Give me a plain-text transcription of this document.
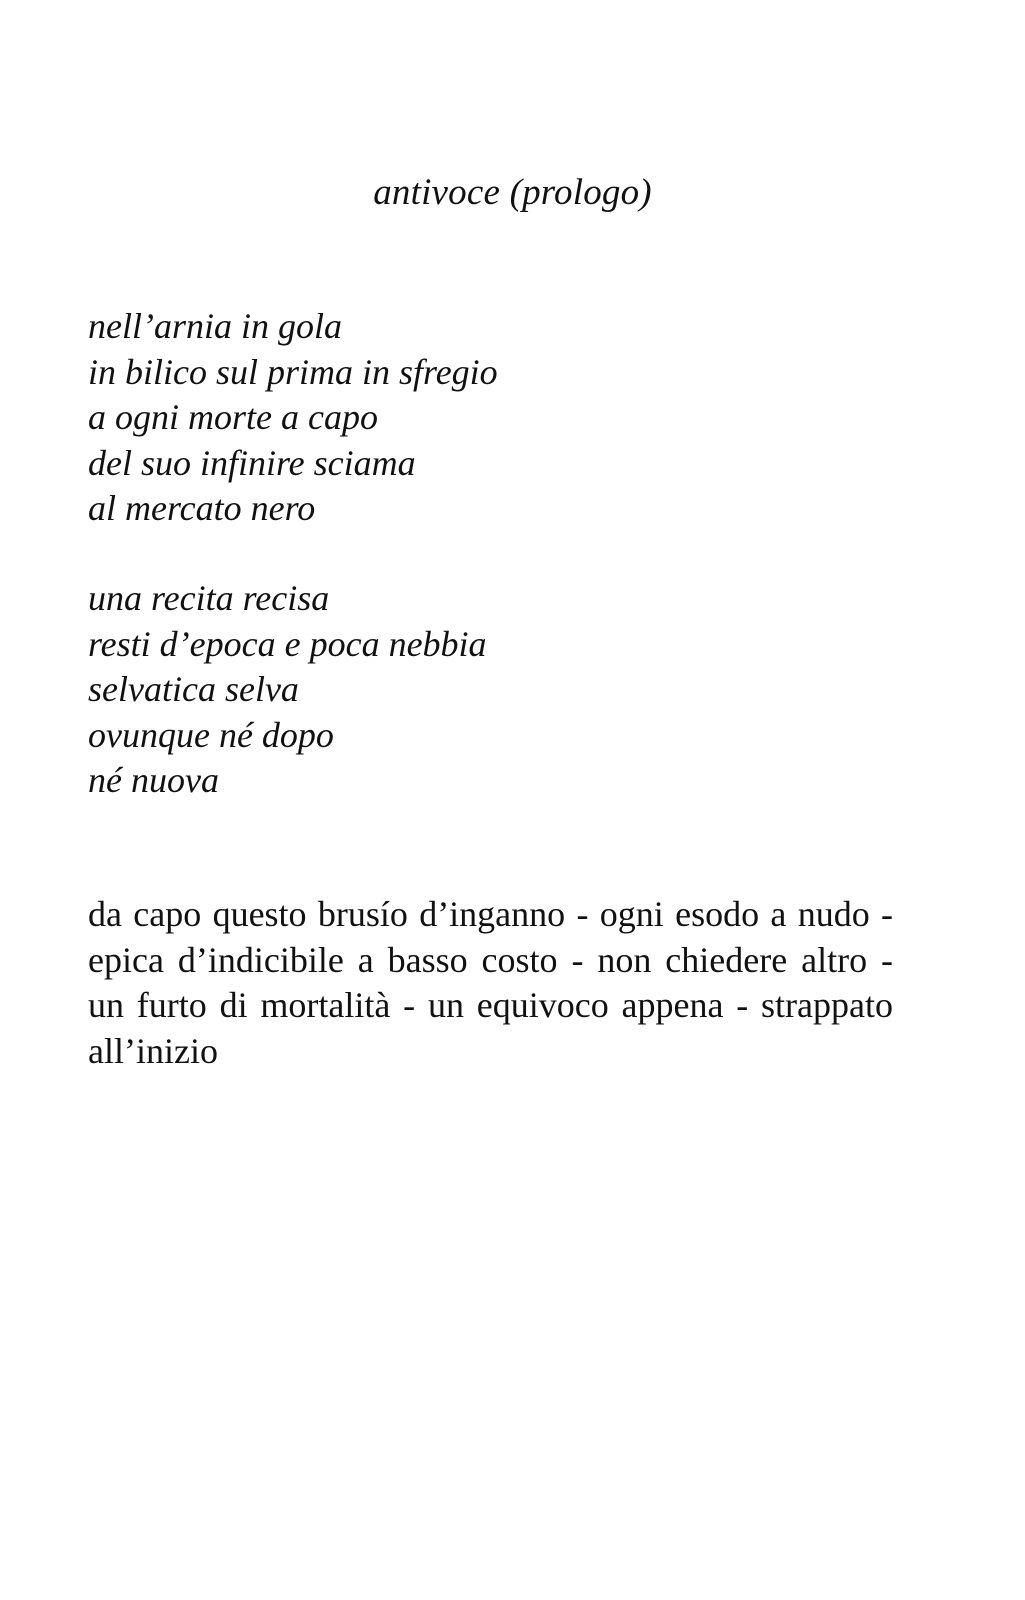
antivoce (prologo)
nell’arnia in gola
in bilico sul prima in sfregio
a ogni morte a capo
del suo infinire sciama
al mercato nero
una recita recisa
resti d’epoca e poca nebbia
selvatica selva
ovunque né dopo
né nuova
da capo questo brusío d’inganno - ogni esodo a nudo - epica d’indicibile a basso costo - non chiedere altro - un furto di mortalità - un equivoco appena - strappato all’inizio
